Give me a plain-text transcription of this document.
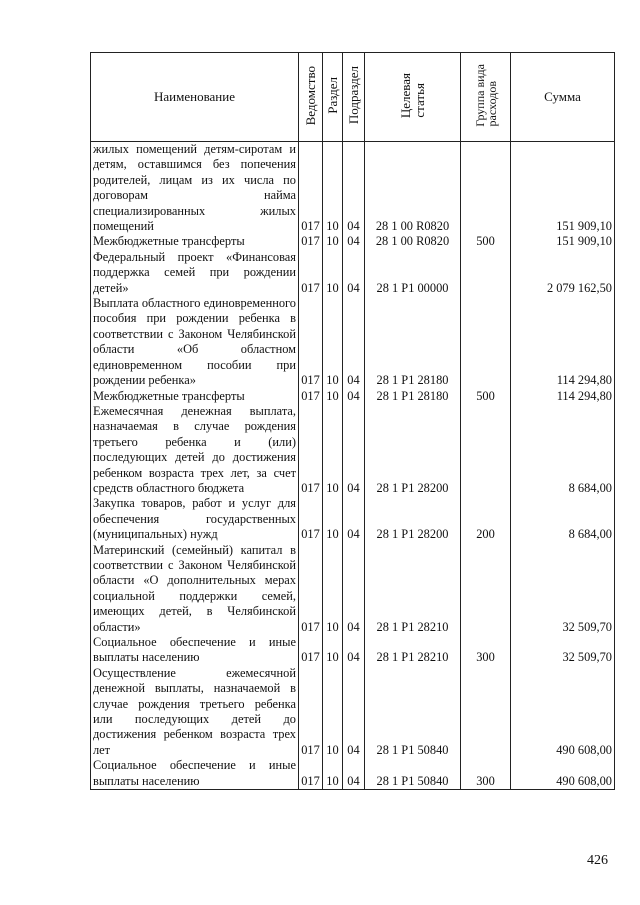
Наименование	Ведомство	Раздел	Подраздел	Целеваястатья	Группа видарасходов	Сумма
жилых помещений детям-сиротам и детям, оставшимся без попечения родителей, лицам из их числа по договорам найма специализированных жилых помещений	017	10	04	28 1 00 R0820		151 909,10
Межбюджетные трансферты	017	10	04	28 1 00 R0820	500	151 909,10
Федеральный проект «Финансовая поддержка семей при рождении детей»	017	10	04	28 1 P1 00000		2 079 162,50
Выплата областного единовременного пособия при рождении ребенка в соответствии с Законом Челябинской области «Об областном единовременном пособии при рождении ребенка»	017	10	04	28 1 P1 28180		114 294,80
Межбюджетные трансферты	017	10	04	28 1 P1 28180	500	114 294,80
Ежемесячная денежная выплата, назначаемая в случае рождения третьего ребенка и (или) последующих детей до достижения ребенком возраста трех лет, за счет средств областного бюджета	017	10	04	28 1 P1 28200		8 684,00
Закупка товаров, работ и услуг для обеспечения государственных (муниципальных) нужд	017	10	04	28 1 P1 28200	200	8 684,00
Материнский (семейный) капитал в соответствии с Законом Челябинской области «О дополнительных мерах социальной поддержки семей, имеющих детей, в Челябинской области»	017	10	04	28 1 P1 28210		32 509,70
Социальное обеспечение и иные выплаты населению	017	10	04	28 1 P1 28210	300	32 509,70
Осуществление ежемесячной денежной выплаты, назначаемой в случае рождения третьего ребенка или последующих детей до достижения ребенком возраста трех лет	017	10	04	28 1 P1 50840		490 608,00
Социальное обеспечение и иные выплаты населению	017	10	04	28 1 P1 50840	300	490 608,00
426
